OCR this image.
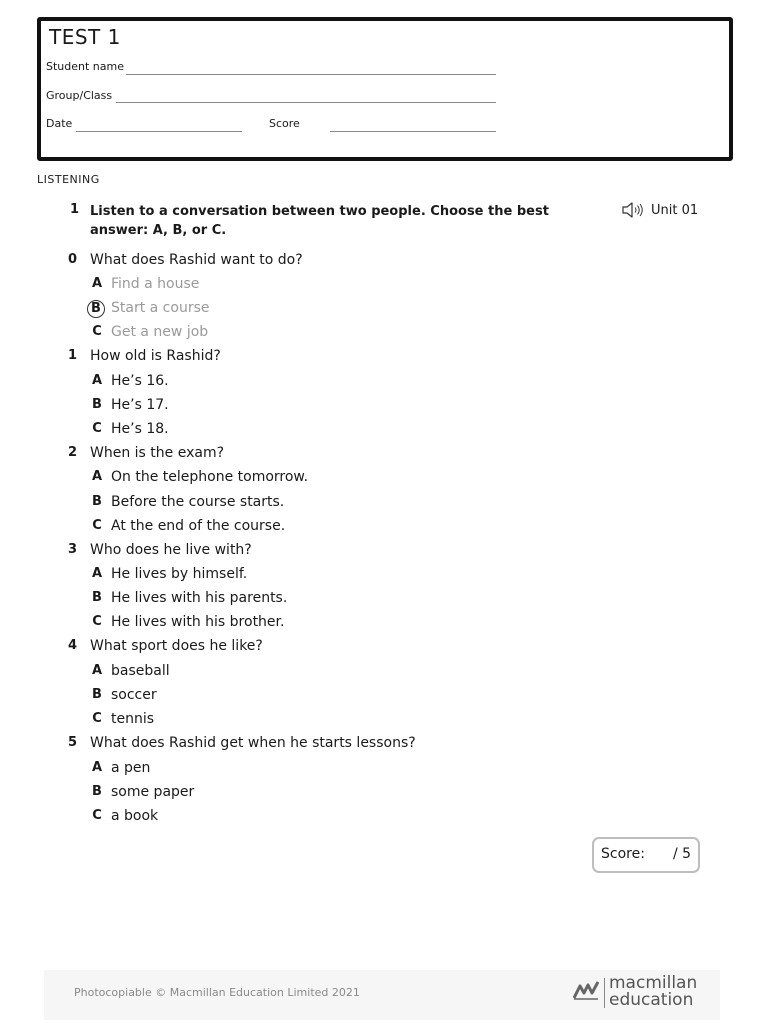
TEST 1
Student name
Group/Class
Date	Score
LISTENING
1 Listen to a conversation between two people. Choose the best answer: A, B, or C.
Unit 01
0 What does Rashid want to do?
A Find a house
B Start a course
C Get a new job
1 How old is Rashid?
A He’s 16.
B He’s 17.
C He’s 18.
2 When is the exam?
A On the telephone tomorrow.
B Before the course starts.
C At the end of the course.
3 Who does he live with?
A He lives by himself.
B He lives with his parents.
C He lives with his brother.
4 What sport does he like?
A baseball
B soccer
C tennis
5 What does Rashid get when he starts lessons?
A a pen
B some paper
C a book
Score: / 5
Photocopiable © Macmillan Education Limited 2021	macmillan
education
